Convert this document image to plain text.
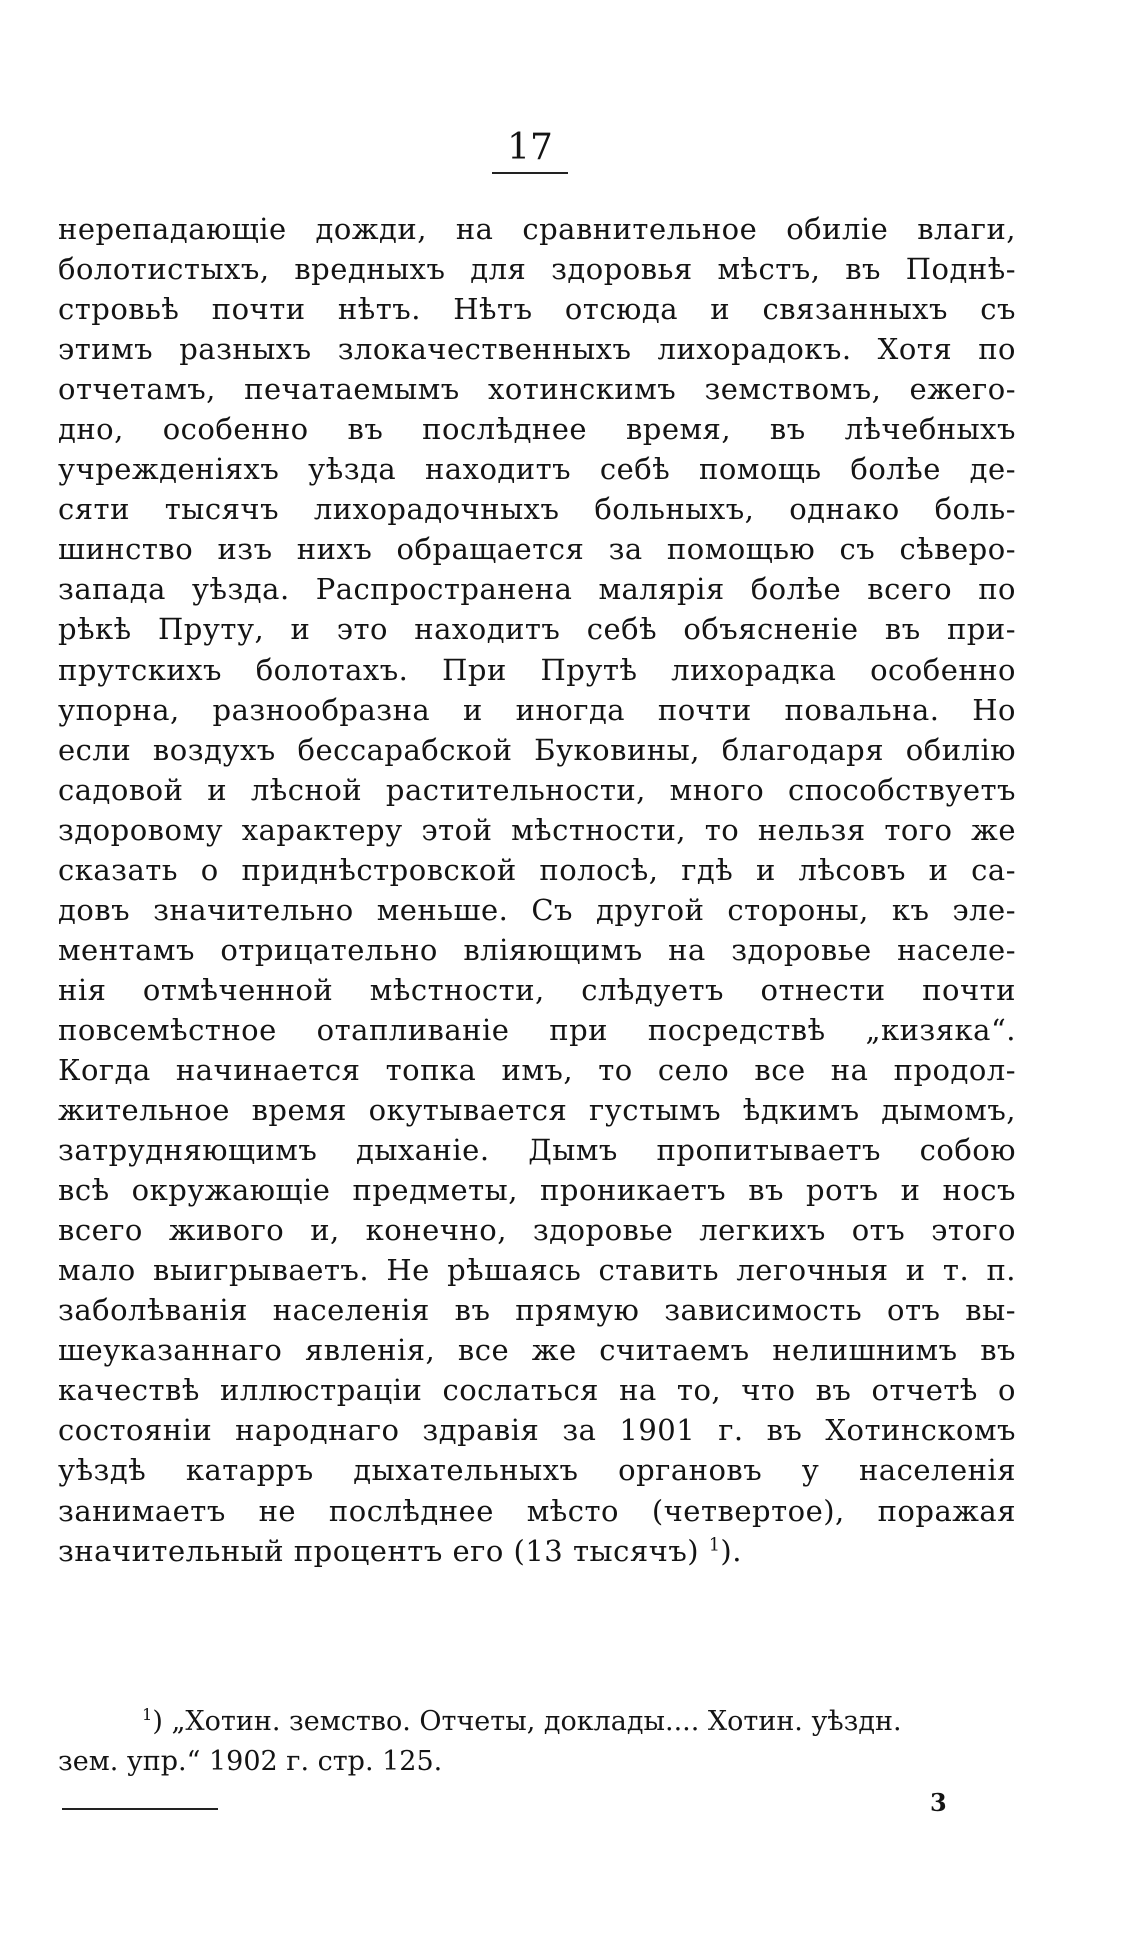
17
нерепадающіе дожди, на сравнительное обиліе влаги,
болотистыхъ, вредныхъ для здоровья мѣстъ, въ Поднѣ-
стровьѣ почти нѣтъ. Нѣтъ отсюда и связанныхъ съ
этимъ разныхъ злокачественныхъ лихорадокъ. Хотя по
отчетамъ, печатаемымъ хотинскимъ земствомъ, ежего-
дно, особенно въ послѣднее время, въ лѣчебныхъ
учрежденіяхъ уѣзда находитъ себѣ помощь болѣе де-
сяти тысячъ лихорадочныхъ больныхъ, однако боль-
шинство изъ нихъ обращается за помощью съ сѣверо-
запада уѣзда. Распространена малярія болѣе всего по
рѣкѣ Пруту, и это находитъ себѣ объясненіе въ при-
прутскихъ болотахъ. При Прутѣ лихорадка особенно
упорна, разнообразна и иногда почти повальна. Но
если воздухъ бессарабской Буковины, благодаря обилію
садовой и лѣсной растительности, много способствуетъ
здоровому характеру этой мѣстности, то нельзя того же
сказать о приднѣстровской полосѣ, гдѣ и лѣсовъ и са-
довъ значительно меньше. Съ другой стороны, къ эле-
ментамъ отрицательно вліяющимъ на здоровье населе-
нія отмѣченной мѣстности, слѣдуетъ отнести почти
повсемѣстное отапливаніе при посредствѣ „кизяка“.
Когда начинается топка имъ, то село все на продол-
жительное время окутывается густымъ ѣдкимъ дымомъ,
затрудняющимъ дыханіе. Дымъ пропитываетъ собою
всѣ окружающіе предметы, проникаетъ въ ротъ и носъ
всего живого и, конечно, здоровье легкихъ отъ этого
мало выигрываетъ. Не рѣшаясь ставить легочныя и т. п.
заболѣванія населенія въ прямую зависимость отъ вы-
шеуказаннаго явленія, все же считаемъ нелишнимъ въ
качествѣ иллюстраціи сослаться на то, что въ отчетѣ о
состояніи народнаго здравія за 1901 г. въ Хотинскомъ
уѣздѣ катарръ дыхательныхъ органовъ у населенія
занимаетъ не послѣднее мѣсто (четвертое), поражая
значительный процентъ его (13 тысячъ) $^1$).
$^1$) „Хотин. земство. Отчеты, доклады.... Хотин. уѣздн.
зем. упр.“ 1902 г. стр. 125.
3
